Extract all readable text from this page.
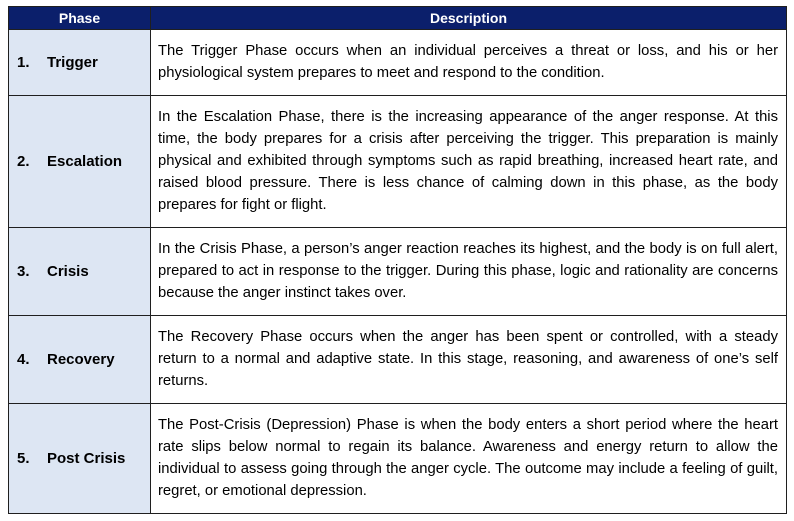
Phase	Description
1. Trigger	The Trigger Phase occurs when an individual perceives a threat or loss, and his or her physiological system prepares to meet and respond to the condition.
2. Escalation	In the Escalation Phase, there is the increasing appearance of the anger response. At this time, the body prepares for a crisis after perceiving the trigger. This preparation is mainly physical and exhibited through symptoms such as rapid breathing, increased heart rate, and raised blood pressure. There is less chance of calming down in this phase, as the body prepares for fight or flight.
3. Crisis	In the Crisis Phase, a person’s anger reaction reaches its highest, and the body is on full alert, prepared to act in response to the trigger. During this phase, logic and rationality are concerns because the anger instinct takes over.
4. Recovery	The Recovery Phase occurs when the anger has been spent or controlled, with a steady return to a normal and adaptive state. In this stage, reasoning, and awareness of one’s self returns.
5. Post Crisis	The Post-Crisis (Depression) Phase is when the body enters a short period where the heart rate slips below normal to regain its balance. Awareness and energy return to allow the individual to assess going through the anger cycle. The outcome may include a feeling of guilt, regret, or emotional depression.
